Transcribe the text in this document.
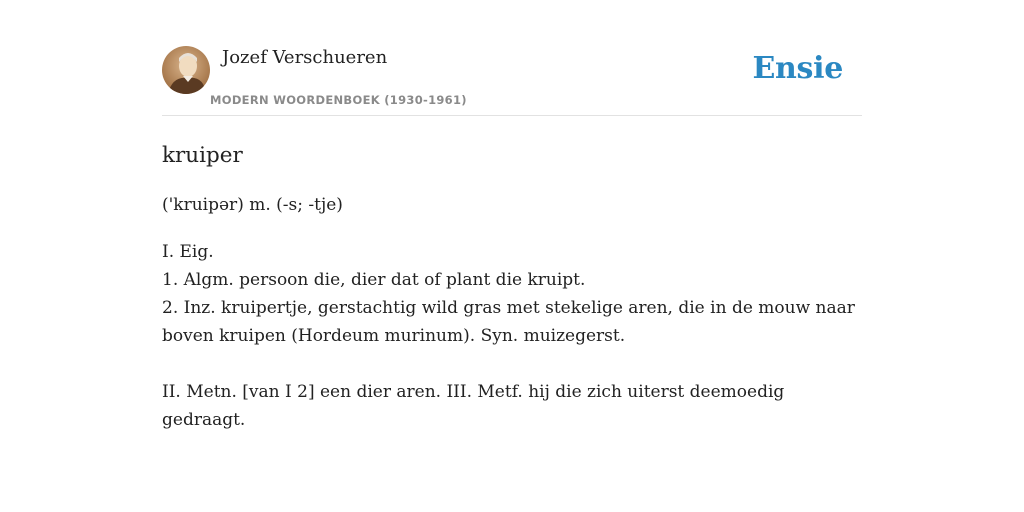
Jozef Verschueren
MODERN WOORDENBOEK (1930-1961)
Ensie
kruiper
('kruipər) m. (-s; -tje)

I. Eig.

1. Algm. persoon die, dier dat of plant die kruipt.

2. Inz. kruipertje, gerstachtig wild gras met stekelige aren, die in de mouw naar boven kruipen (Hordeum murinum). Syn. muizegerst.

II. Metn. [van I 2] een dier aren. III. Metf. hij die zich uiterst deemoedig gedraagt.
